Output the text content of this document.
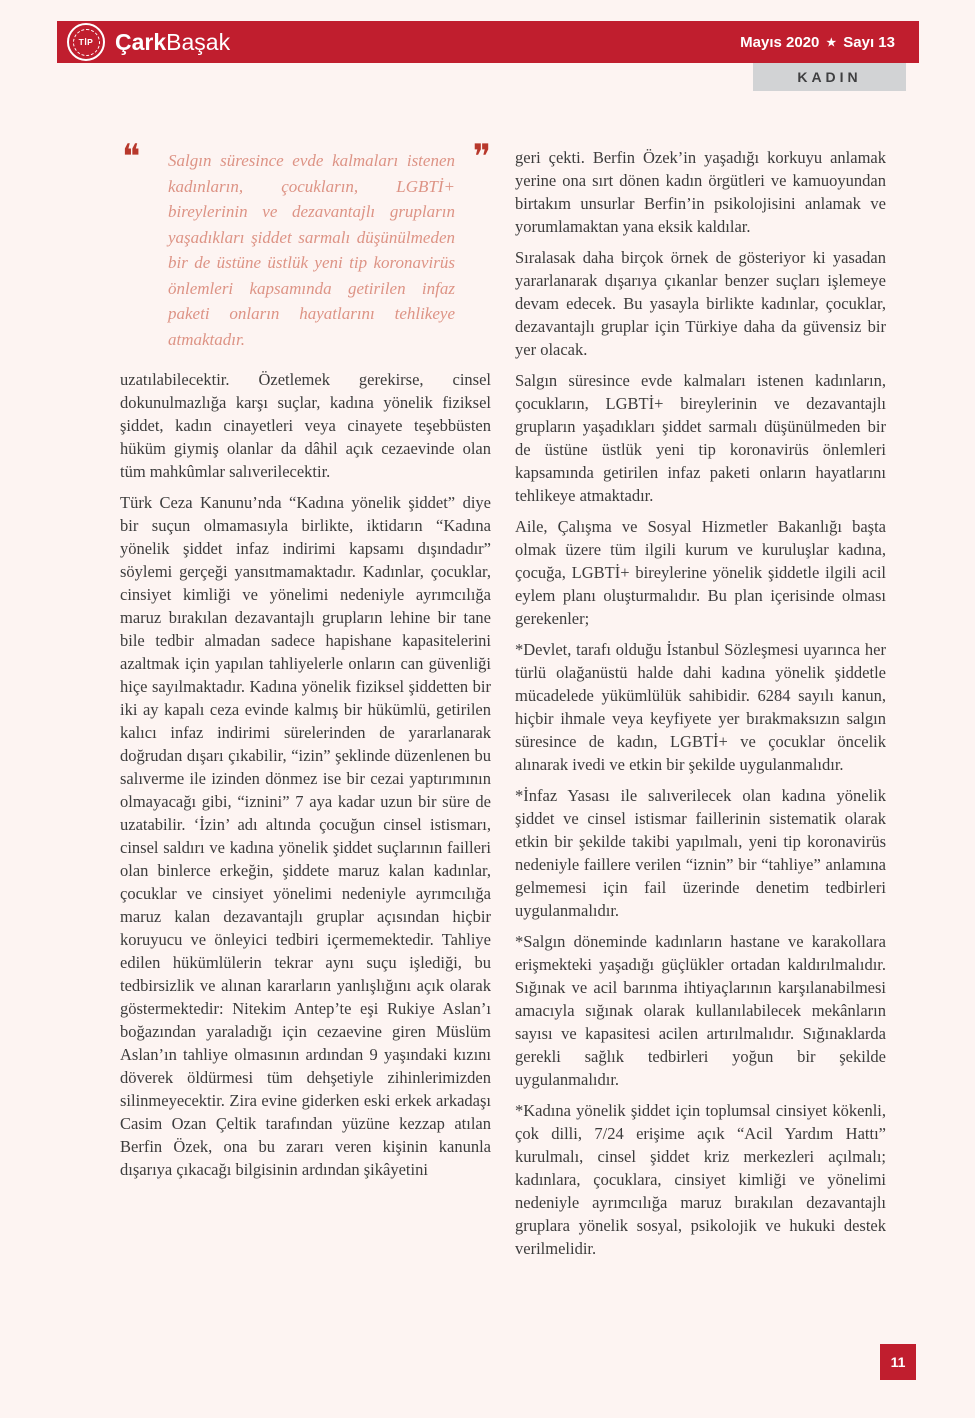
TİP ÇarkBaşak	Mayıs 2020 ★ Sayı 13
KADIN
❝	❞

Salgın süresince evde kalmaları istenen kadınların, çocukların, LGBTİ+ bireylerinin ve dezavantajlı grupların yaşadıkları şiddet sarmalı düşünülmeden bir de üstüne üstlük yeni tip koronavirüs önlemleri kapsamında getirilen infaz paketi onların hayatlarını tehlikeye atmaktadır.

uzatılabilecektir. Özetlemek gerekirse, cinsel dokunulmazlığa karşı suçlar, kadına yönelik fiziksel şiddet, kadın cinayetleri veya cinayete teşebbüsten hüküm giymiş olanlar da dâhil açık cezaevinde olan tüm mahkûmlar salıverilecektir.

Türk Ceza Kanunu’nda “Kadına yönelik şiddet” diye bir suçun olmamasıyla birlikte, iktidarın “Kadına yönelik şiddet infaz indirimi kapsamı dışındadır” söylemi gerçeği yansıtmamaktadır. Kadınlar, çocuklar, cinsiyet kimliği ve yönelimi nedeniyle ayrımcılığa maruz bırakılan dezavantajlı grupların lehine bir tane bile tedbir almadan sadece hapishane kapasitelerini azaltmak için yapılan tahliyelerle onların can güvenliği hiçe sayılmaktadır. Kadına yönelik fiziksel şiddetten bir iki ay kapalı ceza evinde kalmış bir hükümlü, getirilen kalıcı infaz indirimi sürelerinden de yararlanarak doğrudan dışarı çıkabilir, “izin” şeklinde düzenlenen bu salıverme ile izinden dönmez ise bir cezai yaptırımının olmayacağı gibi, “iznini” 7 aya kadar uzun bir süre de uzatabilir. ‘İzin’ adı altında çocuğun cinsel istismarı, cinsel saldırı ve kadına yönelik şiddet suçlarının failleri olan binlerce erkeğin, şiddete maruz kalan kadınlar, çocuklar ve cinsiyet yönelimi nedeniyle ayrımcılığa maruz kalan dezavantajlı gruplar açısından hiçbir koruyucu ve önleyici tedbiri içermemektedir. Tahliye edilen hükümlülerin tekrar aynı suçu işlediği, bu tedbirsizlik ve alınan kararların yanlışlığını açık olarak göstermektedir: Nitekim Antep’te eşi Rukiye Aslan’ı boğazından yaraladığı için cezaevine giren Müslüm Aslan’ın tahliye olmasının ardından 9 yaşındaki kızını döverek öldürmesi tüm dehşetiyle zihinlerimizden silinmeyecektir. Zira evine giderken eski erkek arkadaşı Casim Ozan Çeltik tarafından yüzüne kezzap atılan Berfin Özek, ona bu zararı veren kişinin kanunla dışarıya çıkacağı bilgisinin ardından şikâyetini

geri çekti. Berfin Özek’in yaşadığı korkuyu anlamak yerine ona sırt dönen kadın örgütleri ve kamuoyundan birtakım unsurlar Berfin’in psikolojisini anlamak ve yorumlamaktan yana eksik kaldılar.

Sıralasak daha birçok örnek de gösteriyor ki yasadan yararlanarak dışarıya çıkanlar benzer suçları işlemeye devam edecek. Bu yasayla birlikte kadınlar, çocuklar, dezavantajlı gruplar için Türkiye daha da güvensiz bir yer olacak.

Salgın süresince evde kalmaları istenen kadınların, çocukların, LGBTİ+ bireylerinin ve dezavantajlı grupların yaşadıkları şiddet sarmalı düşünülmeden bir de üstüne üstlük yeni tip koronavirüs önlemleri kapsamında getirilen infaz paketi onların hayatlarını tehlikeye atmaktadır.

Aile, Çalışma ve Sosyal Hizmetler Bakanlığı başta olmak üzere tüm ilgili kurum ve kuruluşlar kadına, çocuğa, LGBTİ+ bireylerine yönelik şiddetle ilgili acil eylem planı oluşturmalıdır. Bu plan içerisinde olması gerekenler;

*Devlet, tarafı olduğu İstanbul Sözleşmesi uyarınca her türlü olağanüstü halde dahi kadına yönelik şiddetle mücadelede yükümlülük sahibidir. 6284 sayılı kanun, hiçbir ihmale veya keyfiyete yer bırakmaksızın salgın süresince de kadın, LGBTİ+ ve çocuklar öncelik alınarak ivedi ve etkin bir şekilde uygulanmalıdır.

*İnfaz Yasası ile salıverilecek olan kadına yönelik şiddet ve cinsel istismar faillerinin sistematik olarak etkin bir şekilde takibi yapılmalı, yeni tip koronavirüs nedeniyle faillere verilen “iznin” bir “tahliye” anlamına gelmemesi için fail üzerinde denetim tedbirleri uygulanmalıdır.

*Salgın döneminde kadınların hastane ve karakollara erişmekteki yaşadığı güçlükler ortadan kaldırılmalıdır. Sığınak ve acil barınma ihtiyaçlarının karşılanabilmesi amacıyla sığınak olarak kullanılabilecek mekânların sayısı ve kapasitesi acilen artırılmalıdır. Sığınaklarda gerekli sağlık tedbirleri yoğun bir şekilde uygulanmalıdır.

*Kadına yönelik şiddet için toplumsal cinsiyet kökenli, çok dilli, 7/24 erişime açık “Acil Yardım Hattı” kurulmalı, cinsel şiddet kriz merkezleri açılmalı; kadınlara, çocuklara, cinsiyet kimliği ve yönelimi nedeniyle ayrımcılığa maruz bırakılan dezavantajlı gruplara yönelik sosyal, psikolojik ve hukuki destek verilmelidir.

11
